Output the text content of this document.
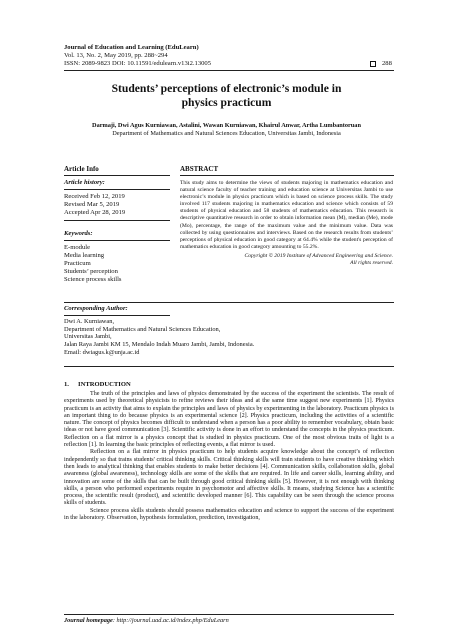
Journal of Education and Learning (EduLearn)
Vol. 13, No. 2, May 2019, pp. 288~294
ISSN: 2089-9823 DOI: 10.11591/edulearn.v13i2.13005	288
Students’ perceptions of electronic’s module in
physics practicum
Darmaji, Dwi Agus Kurniawan, Astalini, Wawan Kurniawan, Khairul Anwar, Artha Lumbantoruan
Department of Mathematics and Natural Sciences Education, Universitas Jambi, Indonesia
Article Info	ABSTRACT
Article history:
Received Feb 12, 2019
Revised Mar 5, 2019
Accepted Apr 28, 2019
Keywords:
E-module
Media learning
Practicum
Students’ perception
Science process skills
This study aims to determine the views of students majoring in mathematics education and natural science faculty of teacher training and education science at Universitas Jambi to use electronic’s module in physics practicum which is based on science process skills. The study involved 117 students majoring in mathematics education and science which consists of 59 students of physical education and 58 students of mathematics education. This research is descriptive quantitative research in order to obtain information mean (M), median (Me), mode (Mo), percentage, the range of the maximum value and the minimum value. Data was collected by using questionnaires and interviews. Based on the research results from students’ perceptions of physical education in good category at 64.4% while the student's perception of mathematics education in good category amounting to 55.2%.
Copyright © 2019 Institute of Advanced Engineering and Science.
All rights reserved.
Corresponding Author:
Dwi A. Kurniawan,
Department of Mathematics and Natural Sciences Education,
Universitas Jambi,
Jalan Raya Jambi KM 15, Mendalo Indah Muaro Jambi, Jambi, Indonesia.
Email: dwiagus.k@unja.ac.id
1. INTRODUCTION

The truth of the principles and laws of physics demonstrated by the success of the experiment the scientists. The result of experiments used by theoretical physicists to refine reviews their ideas and at the same time suggest new experiments [1]. Physics practicum is an activity that aims to explain the principles and laws of physics by experimenting in the laboratory. Practicum physics is an important thing to do because physics is an experimental science [2]. Physics practicum, including the activities of a scientific nature. The concept of physics becomes difficult to understand when a person has a poor ability to remember vocabulary, obtain basic ideas or not have good communication [3]. Scientific activity is done in an effort to understand the concepts in the physics practicum. Reflection on a flat mirror is a physics concept that is studied in physics practicum. One of the most obvious traits of light is a reflection [1]. In learning the basic principles of reflecting events, a flat mirror is used.

Reflection on a flat mirror in physics practicum to help students acquire knowledge about the concept’s of reflection independently so that trains students' critical thinking skills. Critical thinking skills will train students to have creative thinking which then leads to analytical thinking that enables students to make better decisions [4]. Communication skills, collaboration skills, global awareness (global awareness), technology skills are some of the skills that are required. In life and career skills, learning ability, and innovation are some of the skills that can be built through good critical thinking skills [5]. However, it is not enough with thinking skills, a person who performed experiments require in psychomotor and affective skills. It means, studying Science has a scientific process, the scientific result (product), and scientific developed manner [6]. This capability can be seen through the science process skills of students.

Science process skills students should possess mathematics education and science to support the success of the experiment in the laboratory. Observation, hypothesis formulation, prediction, investigation,

Journal homepage: http://journal.uad.ac.id/index.php/EduLearn
